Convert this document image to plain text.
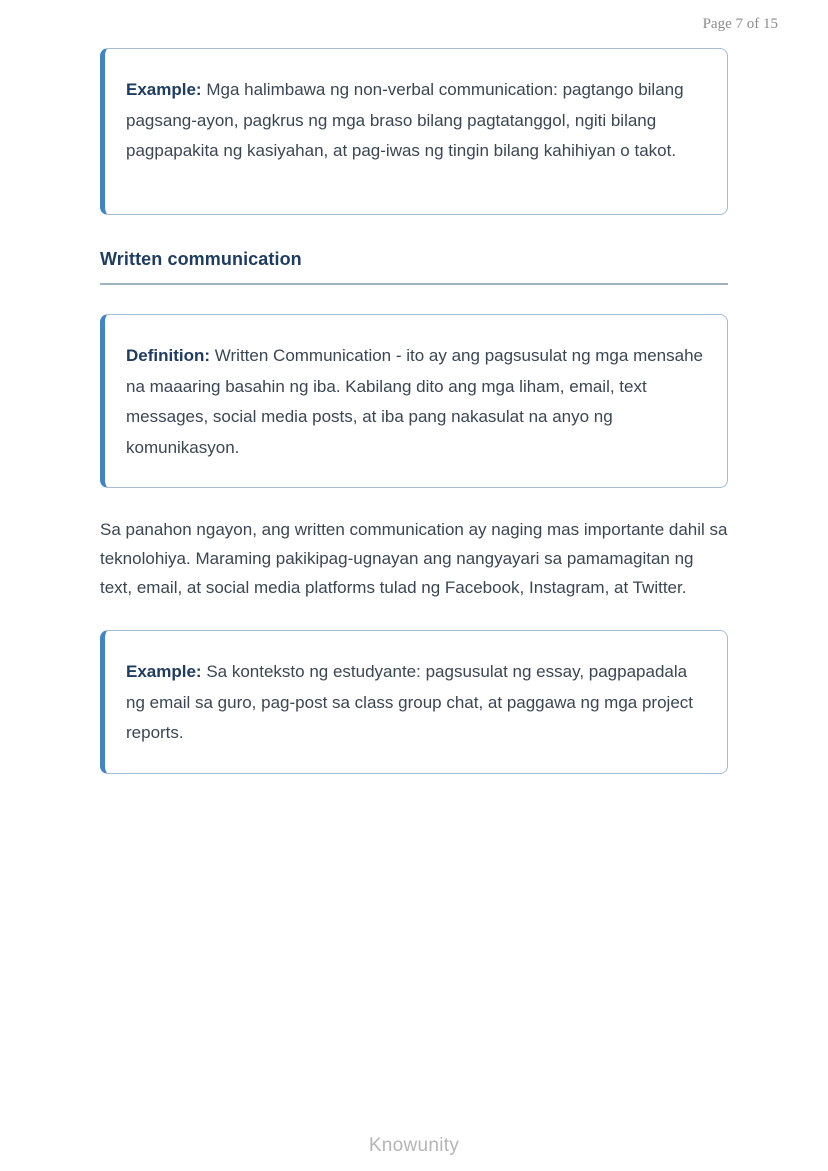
Page 7 of 15
Example: Mga halimbawa ng non-verbal communication: pagtango bilang pagsang-ayon, pagkrus ng mga braso bilang pagtatanggol, ngiti bilang pagpapakita ng kasiyahan, at pag-iwas ng tingin bilang kahihiyan o takot.
Written communication
Definition: Written Communication - ito ay ang pagsusulat ng mga mensahe na maaaring basahin ng iba. Kabilang dito ang mga liham, email, text messages, social media posts, at iba pang nakasulat na anyo ng komunikasyon.

Sa panahon ngayon, ang written communication ay naging mas importante dahil sa teknolohiya. Maraming pakikipag-ugnayan ang nangyayari sa pamamagitan ng text, email, at social media platforms tulad ng Facebook, Instagram, at Twitter.

Example: Sa konteksto ng estudyante: pagsusulat ng essay, pagpapadala ng email sa guro, pag-post sa class group chat, at paggawa ng mga project reports.
Knowunity
